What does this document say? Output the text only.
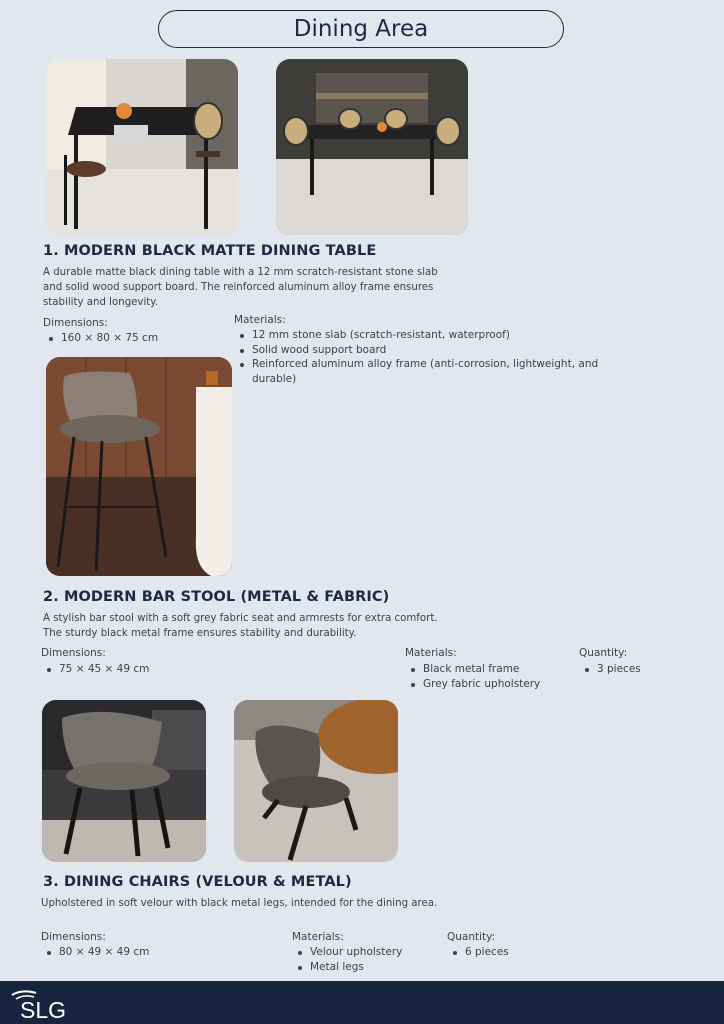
Dining Area
1. MODERN BLACK MATTE DINING TABLE
A durable matte black dining table with a 12 mm scratch-resistant stone slab and solid wood support board. The reinforced aluminum alloy frame ensures stability and longevity.
Dimensions:
160 × 80 × 75 cm
Materials:
12 mm stone slab (scratch-resistant, waterproof)
Solid wood support board
Reinforced aluminum alloy frame (anti-corrosion, lightweight, and durable)
2. MODERN BAR STOOL (METAL & FABRIC)
A stylish bar stool with a soft grey fabric seat and armrests for extra comfort. The sturdy black metal frame ensures stability and durability.
Dimensions:
75 × 45 × 49 cm
Materials:
Black metal frame
Grey fabric upholstery
Quantity:
3 pieces
3. DINING CHAIRS (VELOUR & METAL)
Upholstered in soft velour with black metal legs, intended for the dining area.
Dimensions:
80 × 49 × 49 cm
Materials:
Velour upholstery
Metal legs
Quantity:
6 pieces
SLG
